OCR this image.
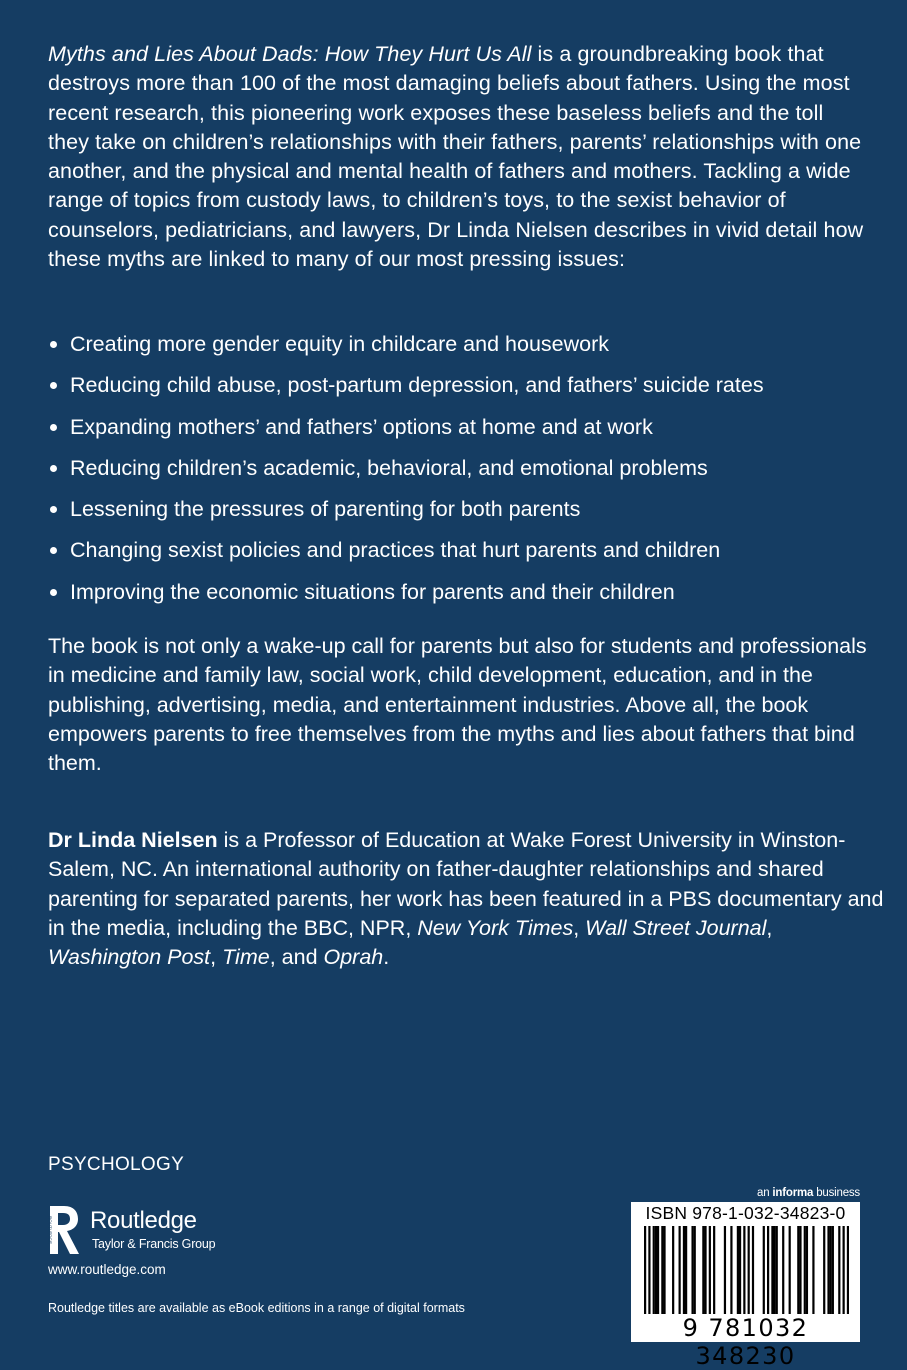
Myths and Lies About Dads: How They Hurt Us All is a groundbreaking book that destroys more than 100 of the most damaging beliefs about fathers. Using the most recent research, this pioneering work exposes these baseless beliefs and the toll they take on children’s relationships with their fathers, parents’ relationships with one another, and the physical and mental health of fathers and mothers. Tackling a wide range of topics from custody laws, to children’s toys, to the sexist behavior of counselors, pediatricians, and lawyers, Dr Linda Nielsen describes in vivid detail how these myths are linked to many of our most pressing issues:

Creating more gender equity in childcare and housework
Reducing child abuse, post-partum depression, and fathers’ suicide rates
Expanding mothers’ and fathers’ options at home and at work
Reducing children’s academic, behavioral, and emotional problems
Lessening the pressures of parenting for both parents
Changing sexist policies and practices that hurt parents and children
Improving the economic situations for parents and their children

The book is not only a wake-up call for parents but also for students and professionals in medicine and family law, social work, child development, education, and in the publishing, advertising, media, and entertainment industries. Above all, the book empowers parents to free themselves from the myths and lies about fathers that bind them.

Dr Linda Nielsen is a Professor of Education at Wake Forest University in Winston-Salem, NC. An international authority on father-daughter relationships and shared parenting for separated parents, her work has been featured in a PBS documentary and in the media, including the BBC, NPR, New York Times, Wall Street Journal, Washington Post, Time, and Oprah.

PSYCHOLOGY
ROUTLEDGE Routledge
Taylor & Francis Group
www.routledge.com
Routledge titles are available as eBook editions in a range of digital formats
an informa business
ISBN 978-1-032-34823-0
9 781032 348230
